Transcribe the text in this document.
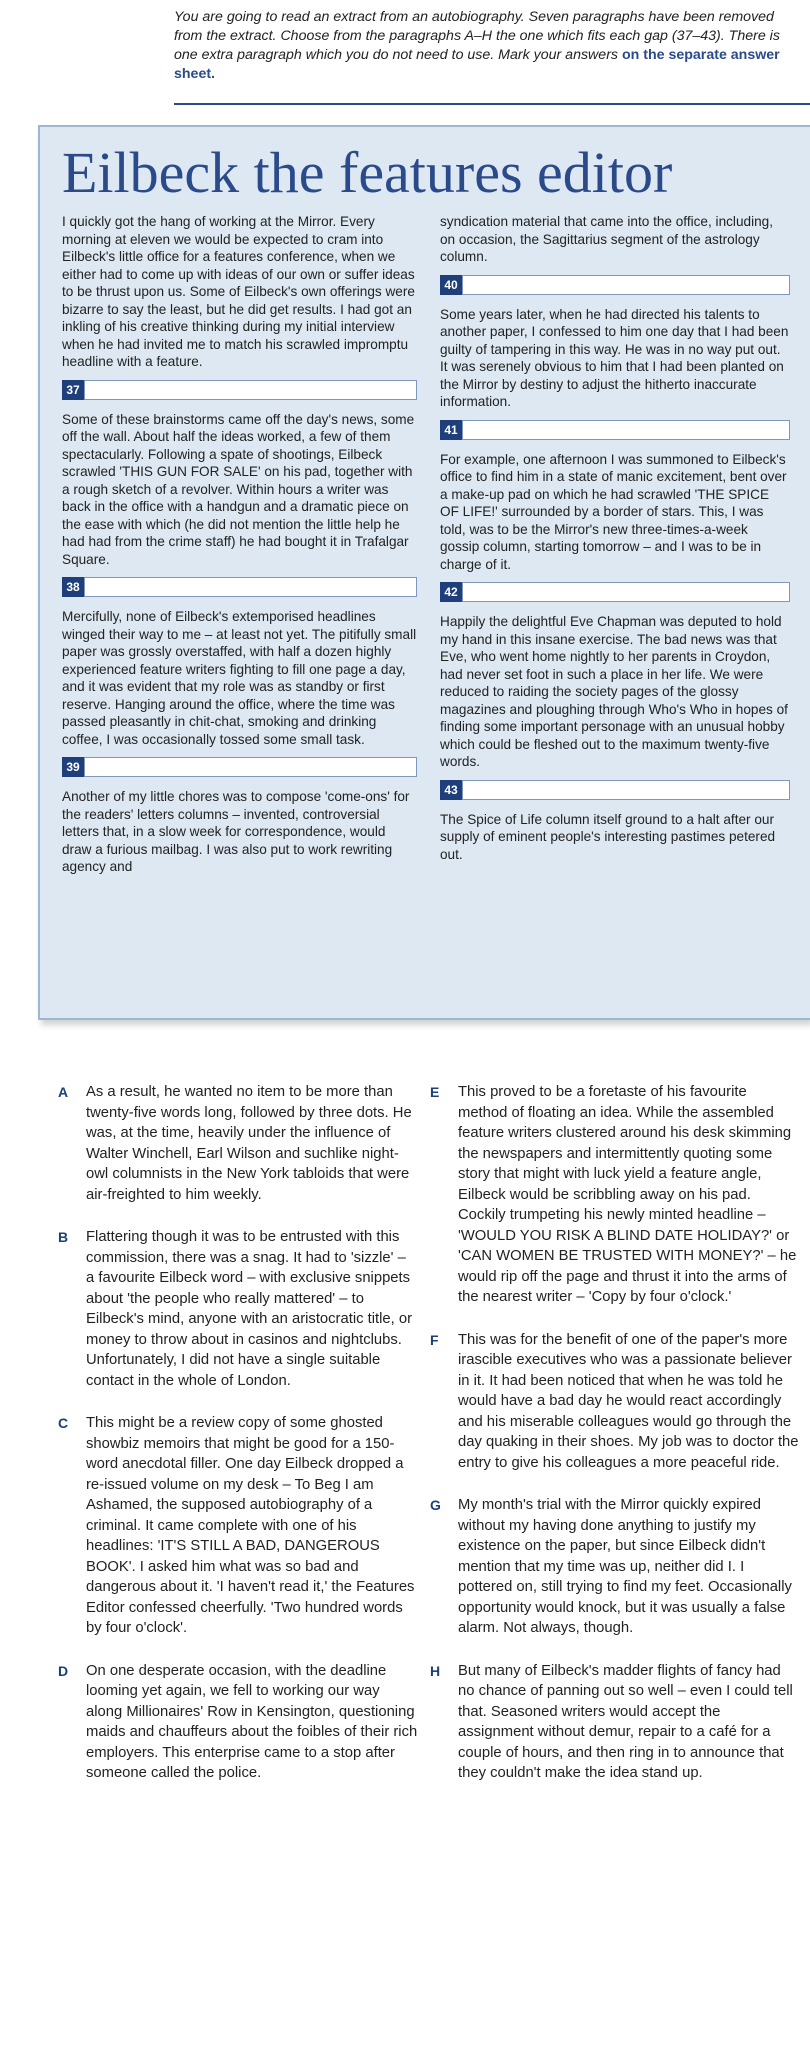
You are going to read an extract from an autobiography. Seven paragraphs have been removed from the extract. Choose from the paragraphs A–H the one which fits each gap (37–43). There is one extra paragraph which you do not need to use. Mark your answers on the separate answer sheet.
Eilbeck the features editor

I quickly got the hang of working at the Mirror. Every morning at eleven we would be expected to cram into Eilbeck's little office for a features conference, when we either had to come up with ideas of our own or suffer ideas to be thrust upon us. Some of Eilbeck's own offerings were bizarre to say the least, but he did get results. I had got an inkling of his creative thinking during my initial interview when he had invited me to match his scrawled impromptu headline with a feature.

37

Some of these brainstorms came off the day's news, some off the wall. About half the ideas worked, a few of them spectacularly. Following a spate of shootings, Eilbeck scrawled 'THIS GUN FOR SALE' on his pad, together with a rough sketch of a revolver. Within hours a writer was back in the office with a handgun and a dramatic piece on the ease with which (he did not mention the little help he had had from the crime staff) he had bought it in Trafalgar Square.

38

Mercifully, none of Eilbeck's extemporised headlines winged their way to me – at least not yet. The pitifully small paper was grossly overstaffed, with half a dozen highly experienced feature writers fighting to fill one page a day, and it was evident that my role was as standby or first reserve. Hanging around the office, where the time was passed pleasantly in chit-chat, smoking and drinking coffee, I was occasionally tossed some small task.

39

Another of my little chores was to compose 'come-ons' for the readers' letters columns – invented, controversial letters that, in a slow week for correspondence, would draw a furious mailbag. I was also put to work rewriting agency and

syndication material that came into the office, including, on occasion, the Sagittarius segment of the astrology column.

40

Some years later, when he had directed his talents to another paper, I confessed to him one day that I had been guilty of tampering in this way. He was in no way put out. It was serenely obvious to him that I had been planted on the Mirror by destiny to adjust the hitherto inaccurate information.

41

For example, one afternoon I was summoned to Eilbeck's office to find him in a state of manic excitement, bent over a make-up pad on which he had scrawled 'THE SPICE OF LIFE!' surrounded by a border of stars. This, I was told, was to be the Mirror's new three-times-a-week gossip column, starting tomorrow – and I was to be in charge of it.

42

Happily the delightful Eve Chapman was deputed to hold my hand in this insane exercise. The bad news was that Eve, who went home nightly to her parents in Croydon, had never set foot in such a place in her life. We were reduced to raiding the society pages of the glossy magazines and ploughing through Who's Who in hopes of finding some important personage with an unusual hobby which could be fleshed out to the maximum twenty-five words.

43

The Spice of Life column itself ground to a halt after our supply of eminent people's interesting pastimes petered out.

A As a result, he wanted no item to be more than twenty-five words long, followed by three dots. He was, at the time, heavily under the influence of Walter Winchell, Earl Wilson and suchlike night-owl columnists in the New York tabloids that were air-freighted to him weekly.
B Flattering though it was to be entrusted with this commission, there was a snag. It had to 'sizzle' – a favourite Eilbeck word – with exclusive snippets about 'the people who really mattered' – to Eilbeck's mind, anyone with an aristocratic title, or money to throw about in casinos and nightclubs. Unfortunately, I did not have a single suitable contact in the whole of London.
C This might be a review copy of some ghosted showbiz memoirs that might be good for a 150-word anecdotal filler. One day Eilbeck dropped a re-issued volume on my desk – To Beg I am Ashamed, the supposed autobiography of a criminal. It came complete with one of his headlines: 'IT'S STILL A BAD, DANGEROUS BOOK'. I asked him what was so bad and dangerous about it. 'I haven't read it,' the Features Editor confessed cheerfully. 'Two hundred words by four o'clock'.
D On one desperate occasion, with the deadline looming yet again, we fell to working our way along Millionaires' Row in Kensington, questioning maids and chauffeurs about the foibles of their rich employers. This enterprise came to a stop after someone called the police.
E This proved to be a foretaste of his favourite method of floating an idea. While the assembled feature writers clustered around his desk skimming the newspapers and intermittently quoting some story that might with luck yield a feature angle, Eilbeck would be scribbling away on his pad. Cockily trumpeting his newly minted headline – 'WOULD YOU RISK A BLIND DATE HOLIDAY?' or 'CAN WOMEN BE TRUSTED WITH MONEY?' – he would rip off the page and thrust it into the arms of the nearest writer – 'Copy by four o'clock.'
F This was for the benefit of one of the paper's more irascible executives who was a passionate believer in it. It had been noticed that when he was told he would have a bad day he would react accordingly and his miserable colleagues would go through the day quaking in their shoes. My job was to doctor the entry to give his colleagues a more peaceful ride.
G My month's trial with the Mirror quickly expired without my having done anything to justify my existence on the paper, but since Eilbeck didn't mention that my time was up, neither did I. I pottered on, still trying to find my feet. Occasionally opportunity would knock, but it was usually a false alarm. Not always, though.
H But many of Eilbeck's madder flights of fancy had no chance of panning out so well – even I could tell that. Seasoned writers would accept the assignment without demur, repair to a café for a couple of hours, and then ring in to announce that they couldn't make the idea stand up.
